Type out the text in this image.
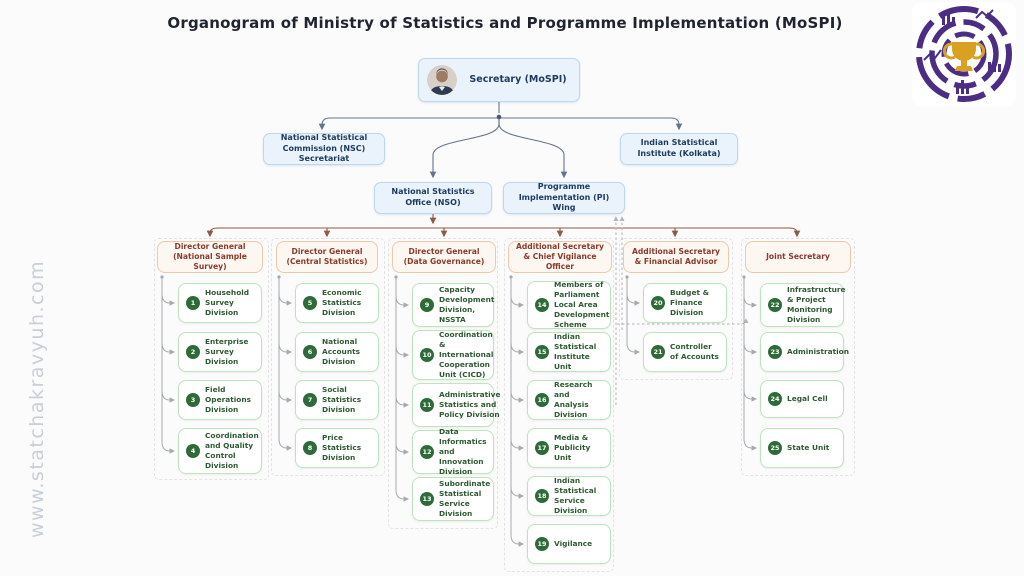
Organogram of Ministry of Statistics and Programme Implementation (MoSPI)
www.statchakravyuh.com
Secretary (MoSPI)
National Statistical Commission (NSC) Secretariat
Indian Statistical Institute (Kolkata)
National Statistics Office (NSO)
Programme Implementation (PI) Wing
Director General (National Sample Survey)
Director General (Central Statistics)
Director General (Data Governance)
Additional Secretary & Chief Vigilance Officer
Additional Secretary & Financial Advisor
Joint Secretary
1
Household Survey Division
2
Enterprise Survey Division
3
Field Operations Division
4
Coordination and Quality Control Division
5
Economic Statistics Division
6
National Accounts Division
7
Social Statistics Division
8
Price Statistics Division
9
Capacity Development Division, NSSTA
10
Coordination & International Cooperation Unit (CICD)
11
Administrative Statistics and Policy Division
12
Data Informatics and Innovation Division
13
Subordinate Statistical Service Division
14
Members of Parliament Local Area Development Scheme
15
Indian Statistical Institute Unit
16
Research and Analysis Division
17
Media & Publicity Unit
18
Indian Statistical Service Division
19	Vigilance
20
Budget & Finance Division
21
Controller of Accounts
22
Infrastructure & Project Monitoring Division
23	Administration
24	Legal Cell
25	State Unit
